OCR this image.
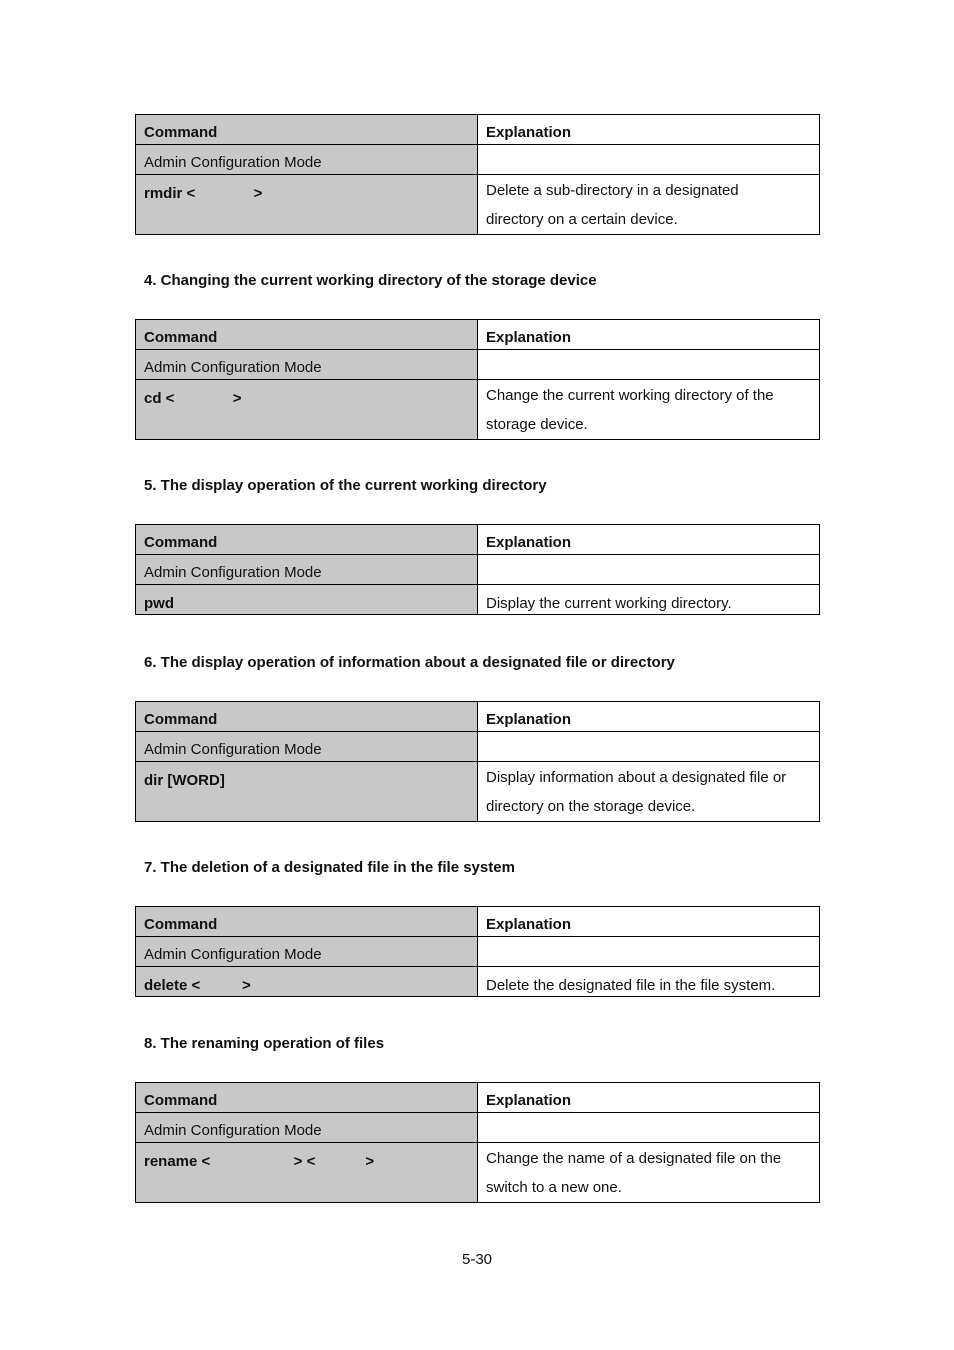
Command	Explanation
Admin Configuration Mode	
rmdir <              >	Delete a sub-directory in a designated
directory on a certain device.
4. Changing the current working directory of the storage device
Command	Explanation
Admin Configuration Mode	
cd <              >	Change the current working directory of the
storage device.
5. The display operation of the current working directory
Command	Explanation
Admin Configuration Mode	
pwd	Display the current working directory.
6. The display operation of information about a designated file or directory
Command	Explanation
Admin Configuration Mode	
dir [WORD]	Display information about a designated file or
directory on the storage device.
7. The deletion of a designated file in the file system
Command	Explanation
Admin Configuration Mode	
delete <          >	Delete the designated file in the file system.
8. The renaming operation of files
Command	Explanation
Admin Configuration Mode	
rename <                    > <            >	Change the name of a designated file on the
switch to a new one.
5-30
